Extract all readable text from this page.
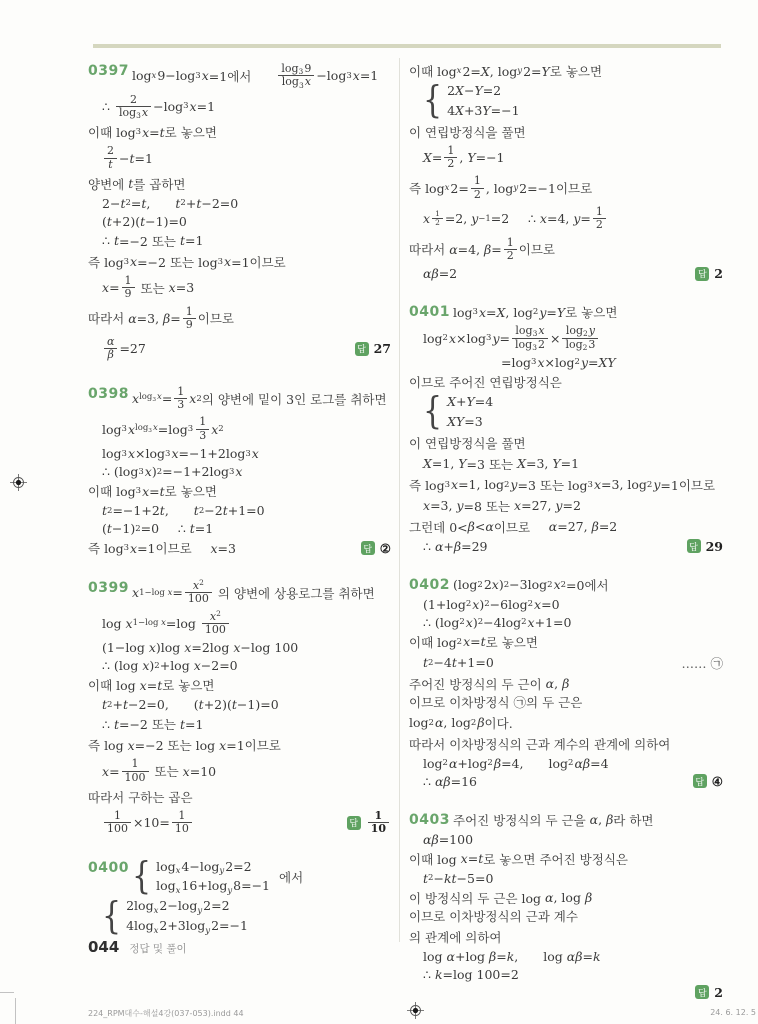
0397 log x 9−log 3 x =1에서   $\frac{\log_39}{\log_3x} -\log$ 3 x =1
∴ $\frac{2}{\log_3x} -\log$ 3 x =1
이때 log 3 x = t 로 놓으면
$\frac{2}{t} - t =1$
양변에 t 를 곱하면
2− t 2 = t ,   t 2 + t −2=0
( t +2)( t −1)=0
∴ t =−2 또는 t =1
즉 log 3 x =−2 또는 log 3 x =1이므로
$x = \frac{1}{9}$ 또는 x =3
따라서 α =3, $\beta = \frac{1}{9}$ 이므로
$\frac{\alpha}{\beta} =27$	답 27
0398 x $\log_3x = \frac{1}{3}$ x 2 의 양변에 밑이 3인 로그를 취하면
log 3 x $\log_3x =\log$ $3 \frac{1}{3}$ x 2
log 3 x ×log 3 x =−1+2log 3 x
∴ (log 3 x ) 2 =−1+2log 3 x
이때 log 3 x = t 로 놓으면
t 2 =−1+2 t ,   t 2 −2 t +1=0
( t −1) 2 =0  ∴ t =1
즉 log 3 x =1이므로   x =3	답 ②
0399 x 1−log $x = \frac{x^2}{100}$ 의 양변에 상용로그를 취하면
log x 1−log $x =\log \frac{x^2}{100}$
(1−log x )log x =2log x −log 100
∴ (log x ) 2 +log x −2=0
이때 log x = t 로 놓으면
t 2 + t −2=0,  ( t +2)( t −1)=0
∴ t =−2 또는 t =1
즉 log x =−2 또는 log x =1이므로
$x = \frac{1}{100}$ 또는 x =10
따라서 구하는 곱은
$\frac{1}{100} \times 10= \frac{1}{10}$	답 $\frac{1}{10}$
0400 { $\log_x4-\log_y2=2$
$\log_x16+\log_y8=-1$
에서
{ $2\log_x2-\log_y2=2$
$4\log_x2+3\log_y2=-1$
이때 log x 2= X , log y 2= Y 로 놓으면
{ 2X−Y=2
4X+3Y=−1
이 연립방정식을 풀면
$X = \frac{1}{2}$ , Y =−1
즉 log x $2= \frac{1}{2}$ , log y 2=−1이므로
x $\frac{1}{2} =2$, y −1 =2  ∴ x =4, $y = \frac{1}{2}$
따라서 α =4, $\beta = \frac{1}{2}$ 이므로
α β =2	답 2
0401 log 3 x = X , log 2 y = Y 로 놓으면
log 2 x ×log 3 $y = \frac{\log_3x}{\log_32} \times \frac{\log_2y}{\log_23}$
=log 3 x ×log 2 y = XY
이므로 주어진 연립방정식은
{ X+Y=4
XY=3
이 연립방정식을 풀면
X =1, Y =3 또는 X =3, Y =1
즉 log 3 x =1, log 2 y =3 또는 log 3 x =3, log 2 y =1이므로
x =3, y =8 또는 x =27, y =2
그런데 0< β < α 이므로   α =27, β =2
∴ α + β =29	답 29
0402 (log 2 2 x ) 2 −3log 2 x 2 =0에서
(1+log 2 x ) 2 −6log 2 x =0
∴ (log 2 x ) 2 −4log 2 x +1=0
이때 log 2 x = t 로 놓으면
t 2 −4 t +1=0	…… ㉠
주어진 방정식의 두 근이 α , β
이므로 이차방정식 ㉠의 두 근은
log 2 α , log 2 β 이다.
따라서 이차방정식의 근과 계수의 관계에 의하여
log 2 α +log 2 β =4,  log 2 α β =4
∴ α β =16	답 ④
0403 주어진 방정식의 두 근을 α , β 라 하면
α β =100
이때 log x = t 로 놓으면 주어진 방정식은
t 2 − kt −5=0
이 방정식의 두 근은 log α , log β
이므로 이차방정식의 근과 계수
의 관계에 의하여
log α +log β = k ,  log α β = k
∴ k =log 100=2
답 2
044 정답 및 풀이
224_RPM대수-해설4강(037-053).indd 44	24. 6. 12. 5
